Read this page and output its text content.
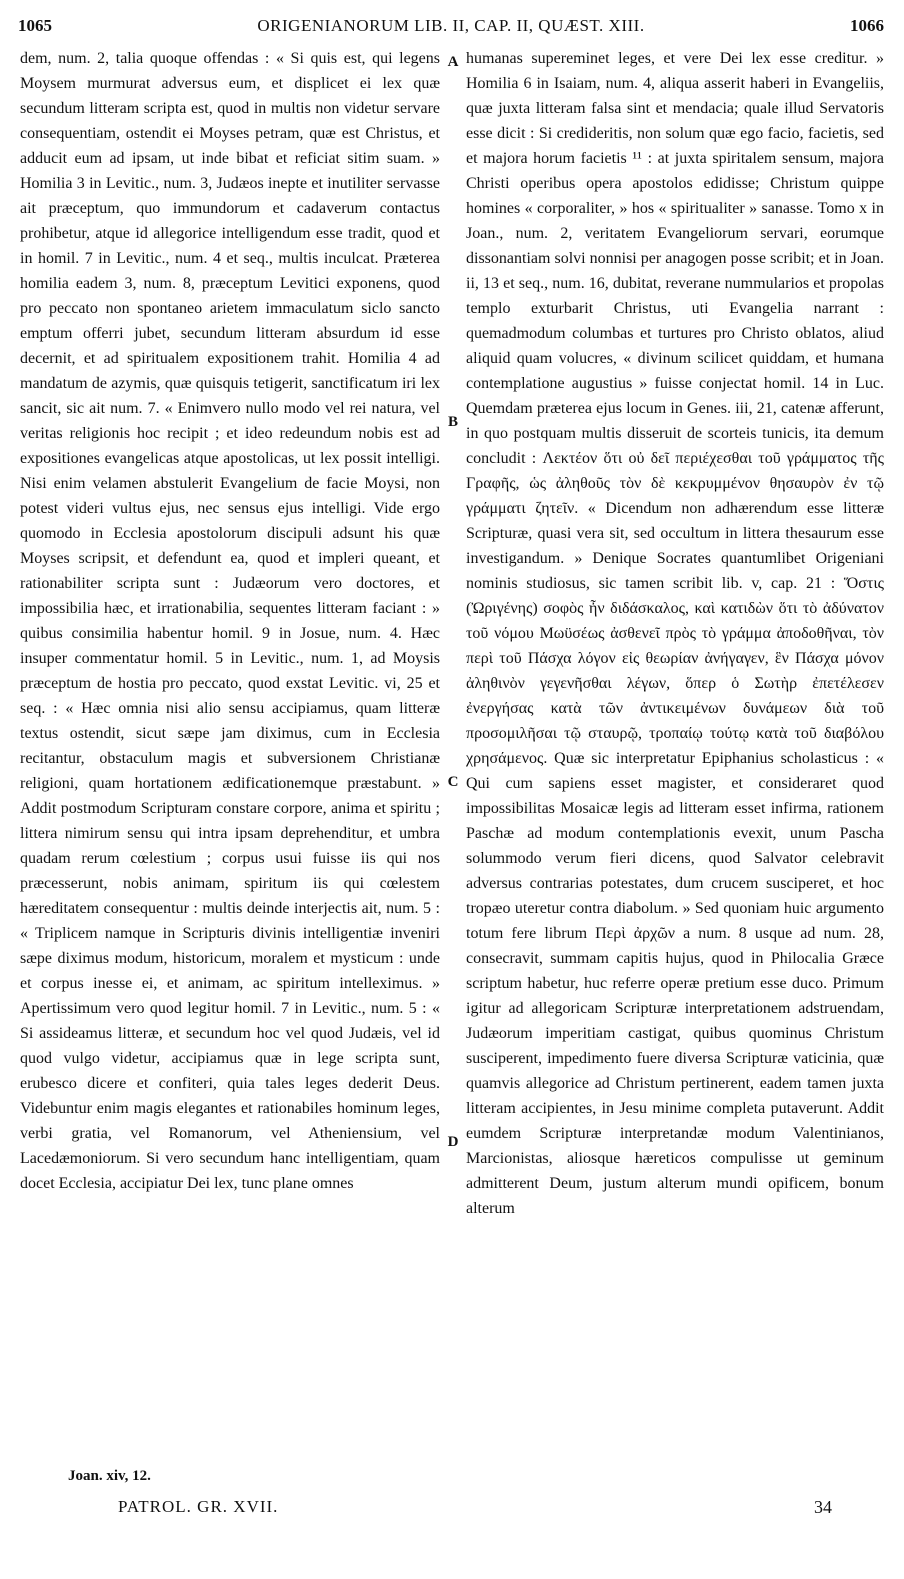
1065	ORIGENIANORUM LIB. II, CAP. II, QUÆST. XIII.	1066

dem, num. 2, talia quoque offendas : « Si quis est, qui legens Moysem murmurat adversus eum, et displicet ei lex quæ secundum litteram scripta est, quod in multis non videtur servare consequentiam, ostendit ei Moyses petram, quæ est Christus, et adducit eum ad ipsam, ut inde bibat et reficiat sitim suam. » Homilia 3 in Levitic., num. 3, Judæos inepte et inutiliter servasse ait præceptum, quo immundorum et cadaverum contactus prohibetur, atque id allegorice intelligendum esse tradit, quod et in homil. 7 in Levitic., num. 4 et seq., multis inculcat. Præterea homilia eadem 3, num. 8, præceptum Levitici exponens, quod pro peccato non spontaneo arietem immaculatum siclo sancto emptum offerri jubet, secundum litteram absurdum id esse decernit, et ad spiritualem expositionem trahit. Homilia 4 ad mandatum de azymis, quæ quisquis tetigerit, sanctificatum iri lex sancit, sic ait num. 7. « Enimvero nullo modo vel rei natura, vel veritas religionis hoc recipit ; et ideo redeundum nobis est ad expositiones evangelicas atque apostolicas, ut lex possit intelligi. Nisi enim velamen abstulerit Evangelium de facie Moysi, non potest videri vultus ejus, nec sensus ejus intelligi. Vide ergo quomodo in Ecclesia apostolorum discipuli adsunt his quæ Moyses scripsit, et defendunt ea, quod et impleri queant, et rationabiliter scripta sunt : Judæorum vero doctores, et impossibilia hæc, et irrationabilia, sequentes litteram faciant : » quibus consimilia habentur homil. 9 in Josue, num. 4. Hæc insuper commentatur homil. 5 in Levitic., num. 1, ad Moysis præceptum de hostia pro peccato, quod exstat Levitic. vi, 25 et seq. : « Hæc omnia nisi alio sensu accipiamus, quam litteræ textus ostendit, sicut sæpe jam diximus, cum in Ecclesia recitantur, obstaculum magis et subversionem Christianæ religioni, quam hortationem ædificationemque præstabunt. » Addit postmodum Scripturam constare corpore, anima et spiritu ; littera nimirum sensu qui intra ipsam deprehenditur, et umbra quadam rerum cœlestium ; corpus usui fuisse iis qui nos præcesserunt, nobis animam, spiritum iis qui cœlestem hæreditatem consequentur : multis deinde interjectis ait, num. 5 : « Triplicem namque in Scripturis divinis intelligentiæ inveniri sæpe diximus modum, historicum, moralem et mysticum : unde et corpus inesse ei, et animam, ac spiritum intelleximus. » Apertissimum vero quod legitur homil. 7 in Levitic., num. 5 : « Si assideamus litteræ, et secundum hoc vel quod Judæis, vel id quod vulgo videtur, accipiamus quæ in lege scripta sunt, erubesco dicere et confiteri, quia tales leges dederit Deus. Videbuntur enim magis elegantes et rationabiles hominum leges, verbi gratia, vel Romanorum, vel Atheniensium, vel Lacedæmoniorum. Si vero secundum hanc intelligentiam, quam docet Ecclesia, accipiatur Dei lex, tunc plane omnes

A
B
C
D

humanas supereminet leges, et vere Dei lex esse creditur. » Homilia 6 in Isaiam, num. 4, aliqua asserit haberi in Evangeliis, quæ juxta litteram falsa sint et mendacia; quale illud Servatoris esse dicit : Si credideritis, non solum quæ ego facio, facietis, sed et majora horum facietis ¹¹ : at juxta spiritalem sensum, majora Christi operibus opera apostolos edidisse; Christum quippe homines « corporaliter, » hos « spiritualiter » sanasse. Tomo x in Joan., num. 2, veritatem Evangeliorum servari, eorumque dissonantiam solvi nonnisi per anagogen posse scribit; et in Joan. ii, 13 et seq., num. 16, dubitat, reverane nummularios et propolas templo exturbarit Christus, uti Evangelia narrant : quemadmodum columbas et turtures pro Christo oblatos, aliud aliquid quam volucres, « divinum scilicet quiddam, et humana contemplatione augustius » fuisse conjectat homil. 14 in Luc. Quemdam præterea ejus locum in Genes. iii, 21, catenæ afferunt, in quo postquam multis disseruit de scorteis tunicis, ita demum concludit : Λεκτέον ὅτι οὐ δεῖ περιέχεσθαι τοῦ γράμματος τῆς Γραφῆς, ὡς ἀληθοῦς τὸν δὲ κεκρυμμένον θησαυρὸν ἐν τῷ γράμματι ζητεῖν. « Dicendum non adhærendum esse litteræ Scripturæ, quasi vera sit, sed occultum in littera thesaurum esse investigandum. » Denique Socrates quantumlibet Origeniani nominis studiosus, sic tamen scribit lib. v, cap. 21 : Ὅστις (Ὠριγένης) σοφὸς ἦν διδάσκαλος, καὶ κατιδὼν ὅτι τὸ ἀδύνατον τοῦ νόμου Μωϋσέως ἀσθενεῖ πρὸς τὸ γράμμα ἀποδοθῆναι, τὸν περὶ τοῦ Πάσχα λόγον εἰς θεωρίαν ἀνήγαγεν, ἓν Πάσχα μόνον ἀληθινὸν γεγενῆσθαι λέγων, ὅπερ ὁ Σωτὴρ ἐπετέλεσεν ἐνεργήσας κατὰ τῶν ἀντικειμένων δυνάμεων διὰ τοῦ προσομιλῆσαι τῷ σταυρῷ, τροπαίῳ τούτῳ κατὰ τοῦ διαβόλου χρησάμενος. Quæ sic interpretatur Epiphanius scholasticus : « Qui cum sapiens esset magister, et consideraret quod impossibilitas Mosaicæ legis ad litteram esset infirma, rationem Paschæ ad modum contemplationis evexit, unum Pascha solummodo verum fieri dicens, quod Salvator celebravit adversus contrarias potestates, dum crucem susciperet, et hoc tropæo uteretur contra diabolum. » Sed quoniam huic argumento totum fere librum Περὶ ἀρχῶν a num. 8 usque ad num. 28, consecravit, summam capitis hujus, quod in Philocalia Græce scriptum habetur, huc referre operæ pretium esse duco. Primum igitur ad allegoricam Scripturæ interpretationem adstruendam, Judæorum imperitiam castigat, quibus quominus Christum susciperent, impedimento fuere diversa Scripturæ vaticinia, quæ quamvis allegorice ad Christum pertinerent, eadem tamen juxta litteram accipientes, in Jesu minime completa putaverunt. Addit eumdem Scripturæ interpretandæ modum Valentinianos, Marcionistas, aliosque hæreticos compulisse ut geminum admitterent Deum, justum alterum mundi opificem, bonum alterum

Joan. xiv, 12.
PATROL. GR. XVII.	34
